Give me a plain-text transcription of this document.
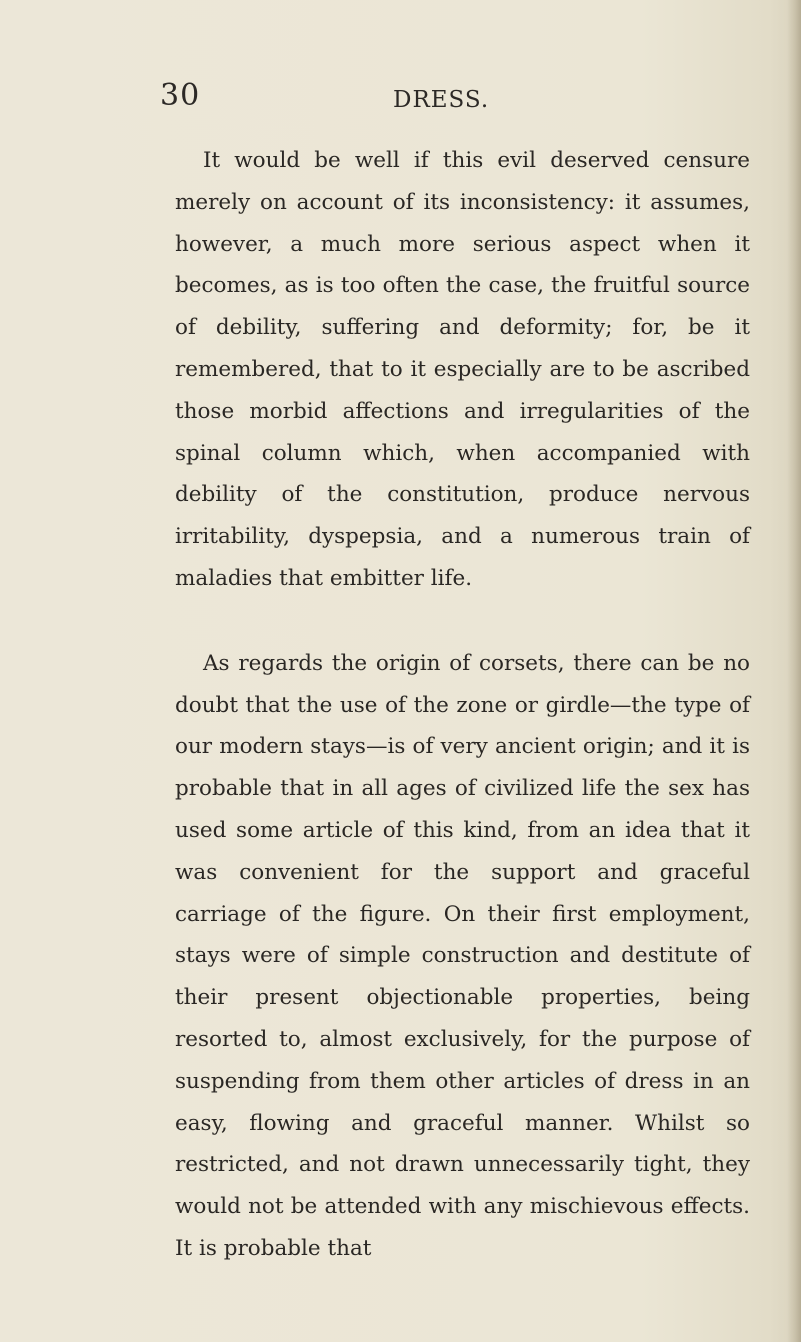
30	DRESS.

It would be well if this evil deserved censure merely on account of its inconsistency: it assumes, however, a much more serious aspect when it becomes, as is too often the case, the fruitful source of debility, suffering and deformity; for, be it remembered, that to it especially are to be ascribed those morbid affections and irregularities of the spinal column which, when accompanied with debility of the constitution, produce nervous irritability, dyspepsia, and a numerous train of maladies that embitter life.

As regards the origin of corsets, there can be no doubt that the use of the zone or girdle—the type of our modern stays—is of very ancient origin; and it is probable that in all ages of civilized life the sex has used some article of this kind, from an idea that it was convenient for the support and graceful carriage of the figure. On their first employment, stays were of simple construction and destitute of their present objectionable properties, being resorted to, almost exclusively, for the purpose of suspending from them other articles of dress in an easy, flowing and graceful manner. Whilst so restricted, and not drawn unnecessarily tight, they would not be attended with any mischievous effects. It is probable that
